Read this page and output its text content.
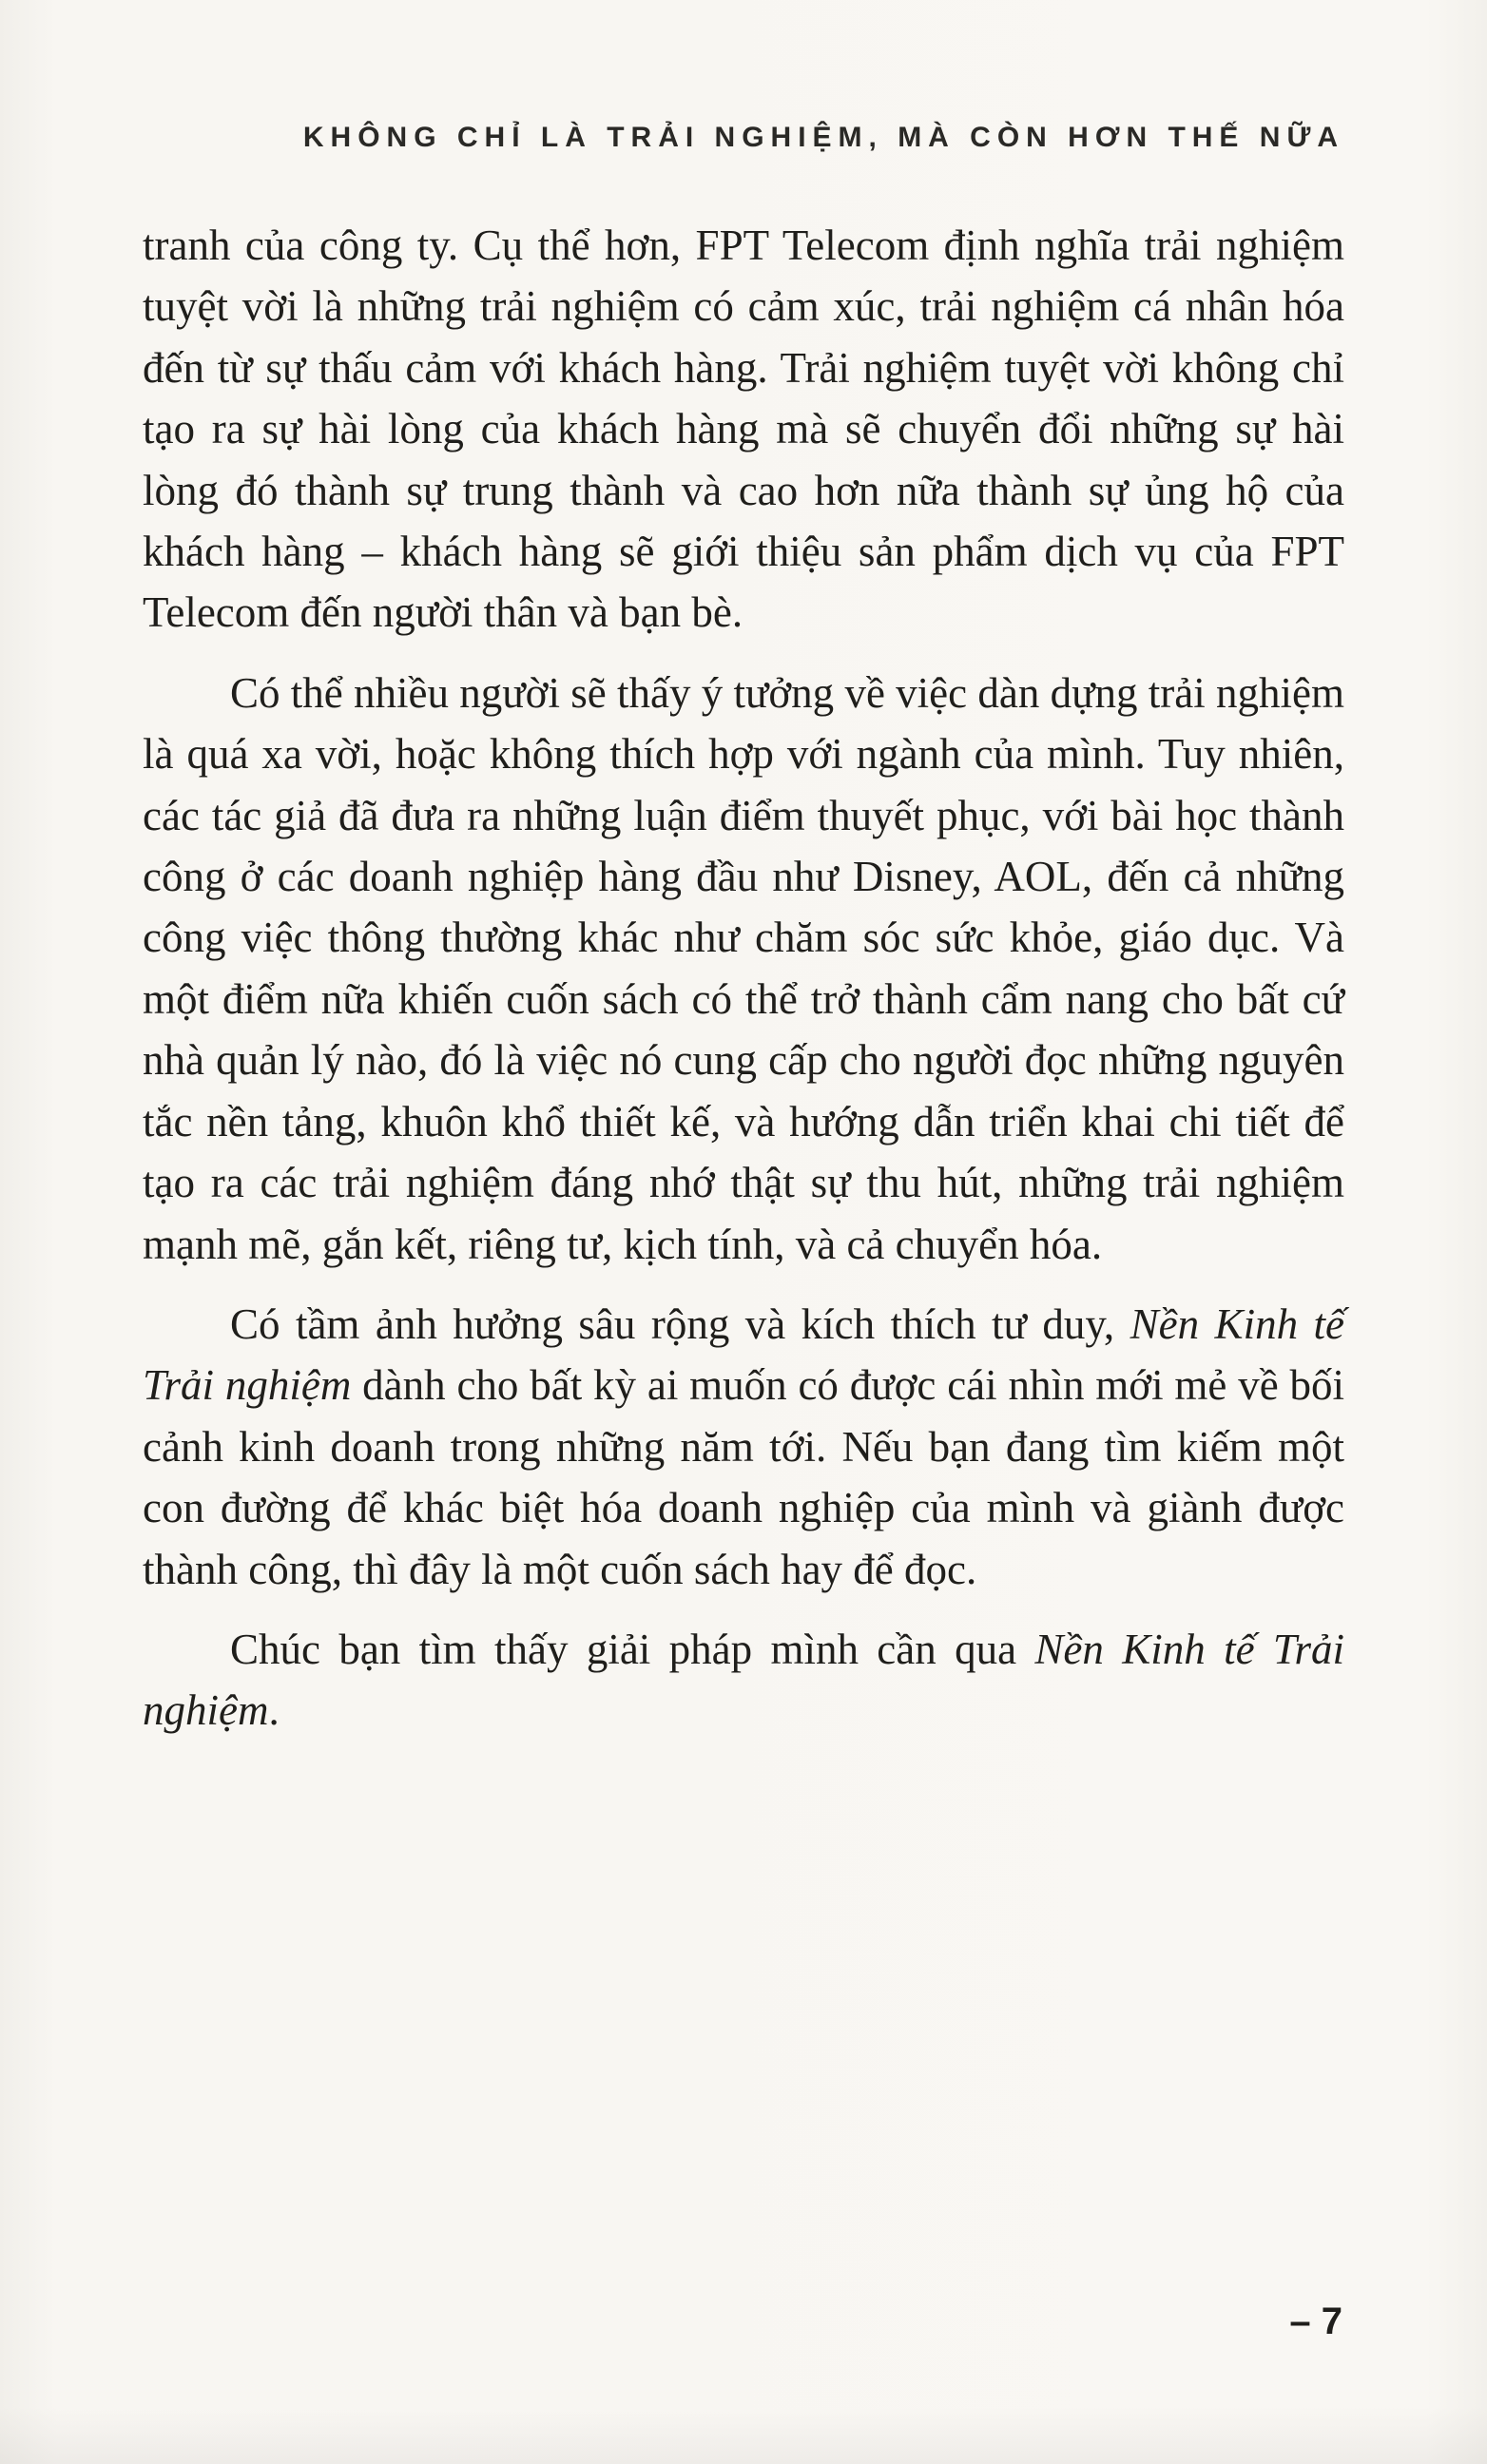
KHÔNG CHỈ LÀ TRẢI NGHIỆM, MÀ CÒN HƠN THẾ NỮA

tranh của công ty. Cụ thể hơn, FPT Telecom định nghĩa trải nghiệm tuyệt vời là những trải nghiệm có cảm xúc, trải nghiệm cá nhân hóa đến từ sự thấu cảm với khách hàng. Trải nghiệm tuyệt vời không chỉ tạo ra sự hài lòng của khách hàng mà sẽ chuyển đổi những sự hài lòng đó thành sự trung thành và cao hơn nữa thành sự ủng hộ của khách hàng – khách hàng sẽ giới thiệu sản phẩm dịch vụ của FPT Telecom đến người thân và bạn bè.

Có thể nhiều người sẽ thấy ý tưởng về việc dàn dựng trải nghiệm là quá xa vời, hoặc không thích hợp với ngành của mình. Tuy nhiên, các tác giả đã đưa ra những luận điểm thuyết phục, với bài học thành công ở các doanh nghiệp hàng đầu như Disney, AOL, đến cả những công việc thông thường khác như chăm sóc sức khỏe, giáo dục. Và một điểm nữa khiến cuốn sách có thể trở thành cẩm nang cho bất cứ nhà quản lý nào, đó là việc nó cung cấp cho người đọc những nguyên tắc nền tảng, khuôn khổ thiết kế, và hướng dẫn triển khai chi tiết để tạo ra các trải nghiệm đáng nhớ thật sự thu hút, những trải nghiệm mạnh mẽ, gắn kết, riêng tư, kịch tính, và cả chuyển hóa.

Có tầm ảnh hưởng sâu rộng và kích thích tư duy, Nền Kinh tế Trải nghiệm dành cho bất kỳ ai muốn có được cái nhìn mới mẻ về bối cảnh kinh doanh trong những năm tới. Nếu bạn đang tìm kiếm một con đường để khác biệt hóa doanh nghiệp của mình và giành được thành công, thì đây là một cuốn sách hay để đọc.

Chúc bạn tìm thấy giải pháp mình cần qua Nền Kinh tế Trải nghiệm.

– 7
